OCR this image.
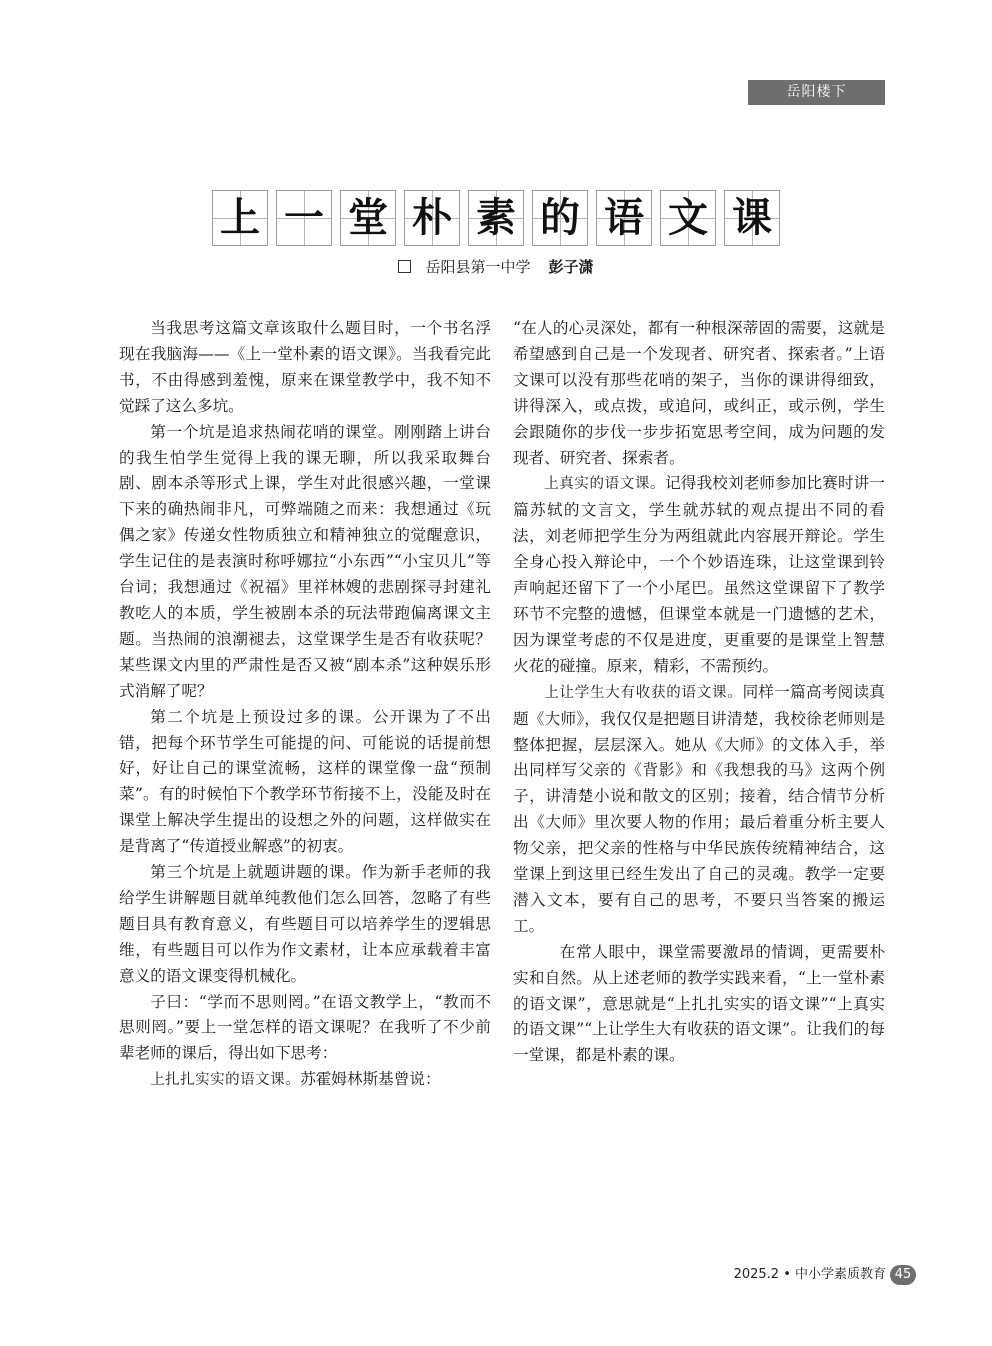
岳阳楼下
上 一 堂 朴 素 的 语 文 课
岳阳县第一中学 彭子潇

当我思考这篇文章该取什么题目时，一个书名浮现在我脑海——《上一堂朴素的语文课》。当我看完此书，不由得感到羞愧，原来在课堂教学中，我不知不觉踩了这么多坑。

第一个坑是追求热闹花哨的课堂。刚刚踏上讲台的我生怕学生觉得上我的课无聊，所以我采取舞台剧、剧本杀等形式上课，学生对此很感兴趣，一堂课下来的确热闹非凡，可弊端随之而来：我想通过《玩偶之家》传递女性物质独立和精神独立的觉醒意识，学生记住的是表演时称呼娜拉“小东西”“小宝贝儿”等台词；我想通过《祝福》里祥林嫂的悲剧探寻封建礼教吃人的本质，学生被剧本杀的玩法带跑偏离课文主题。当热闹的浪潮褪去，这堂课学生是否有收获呢？某些课文内里的严肃性是否又被“剧本杀”这种娱乐形式消解了呢？

第二个坑是上预设过多的课。公开课为了不出错，把每个环节学生可能提的问、可能说的话提前想好，好让自己的课堂流畅，这样的课堂像一盘“预制菜”。有的时候怕下个教学环节衔接不上，没能及时在课堂上解决学生提出的设想之外的问题，这样做实在是背离了“传道授业解惑”的初衷。

第三个坑是上就题讲题的课。作为新手老师的我给学生讲解题目就单纯教他们怎么回答，忽略了有些题目具有教育意义，有些题目可以培养学生的逻辑思维，有些题目可以作为作文素材，让本应承载着丰富意义的语文课变得机械化。

子曰：“学而不思则罔。”在语文教学上，“教而不思则罔。”要上一堂怎样的语文课呢？在我听了不少前辈老师的课后，得出如下思考：

上扎扎实实的语文课。苏霍姆林斯基曾说：

“在人的心灵深处，都有一种根深蒂固的需要，这就是希望感到自己是一个发现者、研究者、探索者。”上语文课可以没有那些花哨的架子，当你的课讲得细致，讲得深入，或点拨，或追问，或纠正，或示例，学生会跟随你的步伐一步步拓宽思考空间，成为问题的发现者、研究者、探索者。

上真实的语文课。记得我校刘老师参加比赛时讲一篇苏轼的文言文，学生就苏轼的观点提出不同的看法，刘老师把学生分为两组就此内容展开辩论。学生全身心投入辩论中，一个个妙语连珠，让这堂课到铃声响起还留下了一个小尾巴。虽然这堂课留下了教学环节不完整的遗憾，但课堂本就是一门遗憾的艺术，因为课堂考虑的不仅是进度，更重要的是课堂上智慧火花的碰撞。原来，精彩，不需预约。

上让学生大有收获的语文课。同样一篇高考阅读真题《大师》，我仅仅是把题目讲清楚，我校徐老师则是整体把握，层层深入。她从《大师》的文体入手，举出同样写父亲的《背影》和《我想我的马》这两个例子，讲清楚小说和散文的区别；接着，结合情节分析出《大师》里次要人物的作用；最后着重分析主要人物父亲，把父亲的性格与中华民族传统精神结合，这堂课上到这里已经生发出了自己的灵魂。教学一定要潜入文本，要有自己的思考，不要只当答案的搬运工。

在常人眼中，课堂需要激昂的情调，更需要朴实和自然。从上述老师的教学实践来看，“上一堂朴素的语文课”，意思就是“上扎扎实实的语文课”“上真实的语文课”“上让学生大有收获的语文课”。让我们的每一堂课，都是朴素的课。

2025.2 • 中小学素质教育 45
